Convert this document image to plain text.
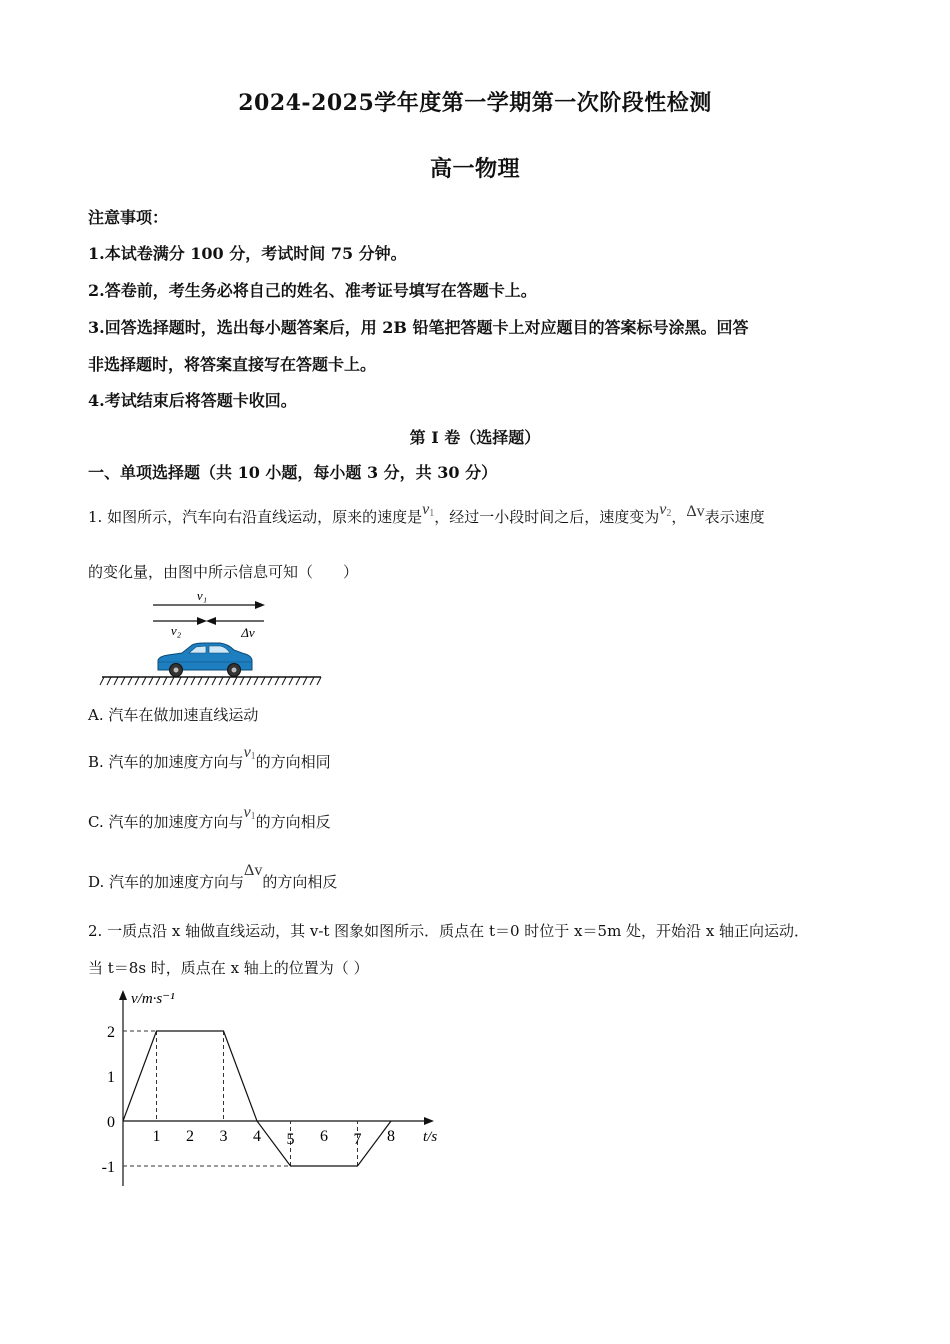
2024-2025学年度第一学期第一次阶段性检测
高一物理
注意事项：
1.本试卷满分 100 分，考试时间 75 分钟。
2.答卷前，考生务必将自己的姓名、准考证号填写在答题卡上。
3.回答选择题时，选出每小题答案后，用 2B 铅笔把答题卡上对应题目的答案标号涂黑。回答
非选择题时，将答案直接写在答题卡上。
4.考试结束后将答题卡收回。
第 I 卷（选择题）
一、单项选择题（共 10 小题，每小题 3 分，共 30 分）
1. 如图所示，汽车向右沿直线运动，原来的速度是$v_1$，经过一小段时间之后，速度变为$v_2$，Δv表示速度
的变化量，由图中所示信息可知（　　）
v₁
v₂	Δv
A. 汽车在做加速直线运动
B. 汽车的加速度方向与$v_1$的方向相同
C. 汽车的加速度方向与$v_1$的方向相反
D. 汽车的加速度方向与Δv的方向相反
2. 一质点沿 x 轴做直线运动，其 v-t 图象如图所示．质点在 t＝0 时位于 x＝5m 处，开始沿 x 轴正向运动．
当 t＝8s 时，质点在 x 轴上的位置为（ ）
v/m·s⁻¹
t/s
1 2 3 4 5 6 7 8
2
1
0
-1
